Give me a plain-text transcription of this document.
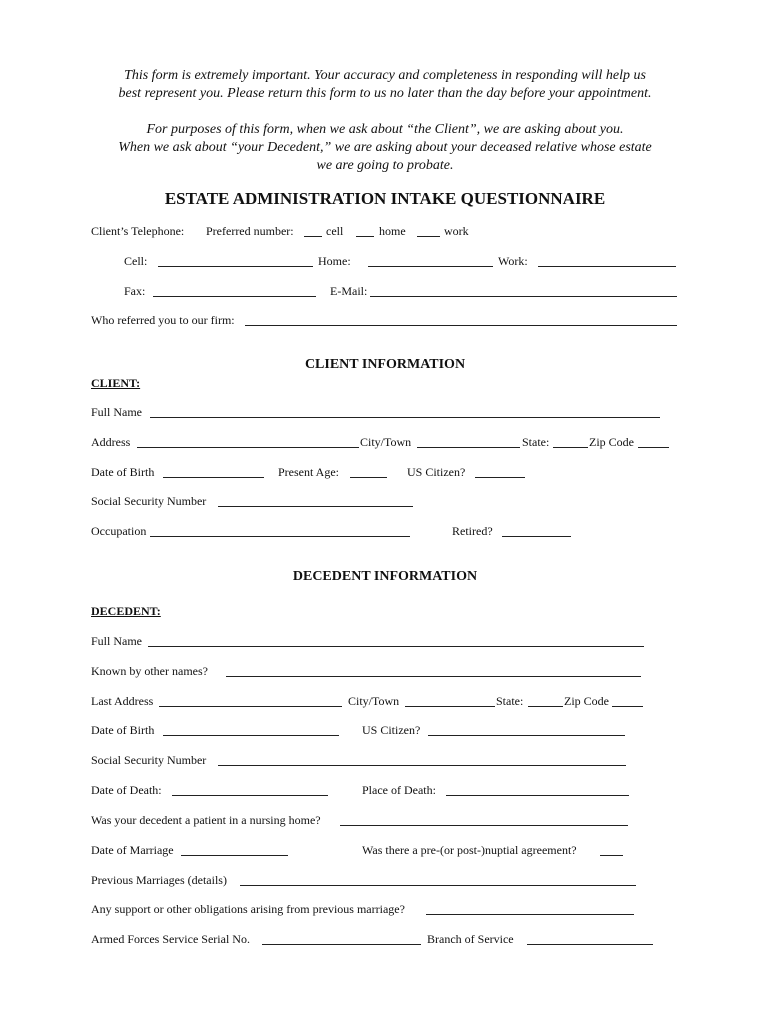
This form is extremely important. Your accuracy and completeness in responding will help us

best represent you. Please return this form to us no later than the day before your appointment.

For purposes of this form, when we ask about “the Client”, we are asking about you.

When we ask about “your Decedent,” we are asking about your deceased relative whose estate

we are going to probate.

ESTATE ADMINISTRATION INTAKE QUESTIONNAIRE
Client’s Telephone: Preferred number:	cell	home	work
Cell:	Home:	Work:
Fax:	E-Mail:
Who referred you to our firm:
CLIENT INFORMATION
CLIENT:
Full Name
Address	City/Town	State:	Zip Code
Date of Birth	Present Age:	US Citizen?
Social Security Number
Occupation	Retired?
DECEDENT INFORMATION
DECEDENT:
Full Name
Known by other names?
Last Address	City/Town	State:	Zip Code
Date of Birth	US Citizen?
Social Security Number
Date of Death:	Place of Death:
Was your decedent a patient in a nursing home?
Date of Marriage	Was there a pre-(or post-)nuptial agreement?
Previous Marriages (details)
Any support or other obligations arising from previous marriage?
Armed Forces Service Serial No.	Branch of Service
